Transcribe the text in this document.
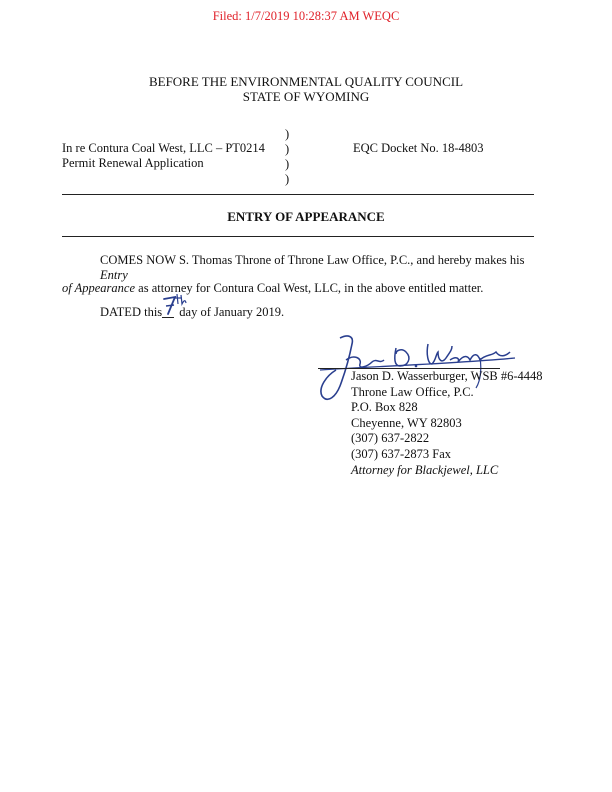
Filed: 1/7/2019 10:28:37 AM WEQC
BEFORE THE ENVIRONMENTAL QUALITY COUNCIL
STATE OF WYOMING
In re Contura Coal West, LLC – PT0214
Permit Renewal Application
)
)
)
)
EQC Docket No. 18-4803
ENTRY OF APPEARANCE
COMES NOW S. Thomas Throne of Throne Law Office, P.C., and hereby makes his Entry
of Appearance as attorney for Contura Coal West, LLC, in the above entitled matter.
DATED this day of January 2019.
Jason D. Wasserburger, WSB #6-4448
Throne Law Office, P.C.
P.O. Box 828
Cheyenne, WY 82803
(307) 637-2822
(307) 637-2873 Fax
Attorney for Blackjewel, LLC
